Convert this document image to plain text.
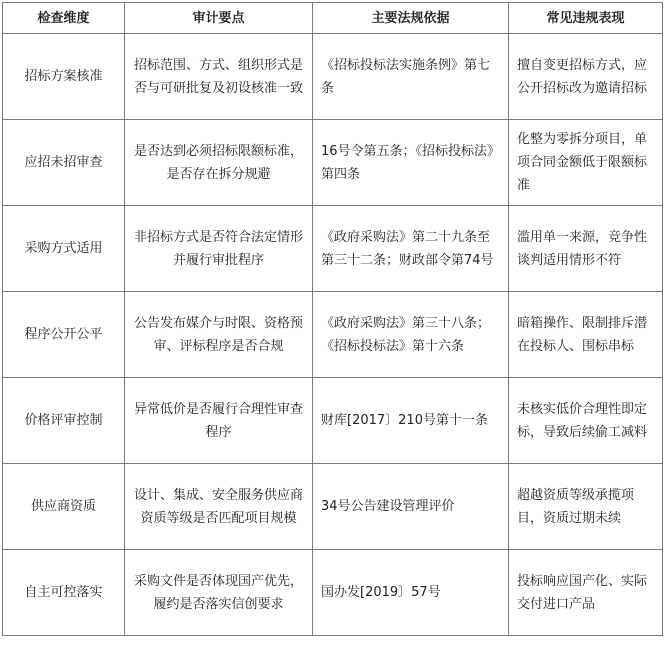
检查维度	审计要点	主要法规依据	常见违规表现
招标方案核准	招标范围、方式、组织形式是否与可研批复及初设核准一致	《招标投标法实施条例》第七条	擅自变更招标方式，应公开招标改为邀请招标
应招未招审查	是否达到必须招标限额标准，是否存在拆分规避	16号令第五条；《招标投标法》第四条	化整为零拆分项目，单项合同金额低于限额标准
采购方式适用	非招标方式是否符合法定情形并履行审批程序	《政府采购法》第二十九条至第三十二条；财政部令第74号	滥用单一来源，竞争性谈判适用情形不符
程序公开公平	公告发布媒介与时限、资格预审、评标程序是否合规	《政府采购法》第三十八条；《招标投标法》第十六条	暗箱操作、限制排斥潜在投标人、围标串标
价格评审控制	异常低价是否履行合理性审查程序	财库[2017〕210号第十一条	未核实低价合理性即定标，导致后续偷工减料
供应商资质	设计、集成、安全服务供应商资质等级是否匹配项目规模	34号公告建设管理评价	超越资质等级承揽项目，资质过期未续
自主可控落实	采购文件是否体现国产优先，履约是否落实信创要求	国办发[2019〕57号	投标响应国产化、实际交付进口产品
